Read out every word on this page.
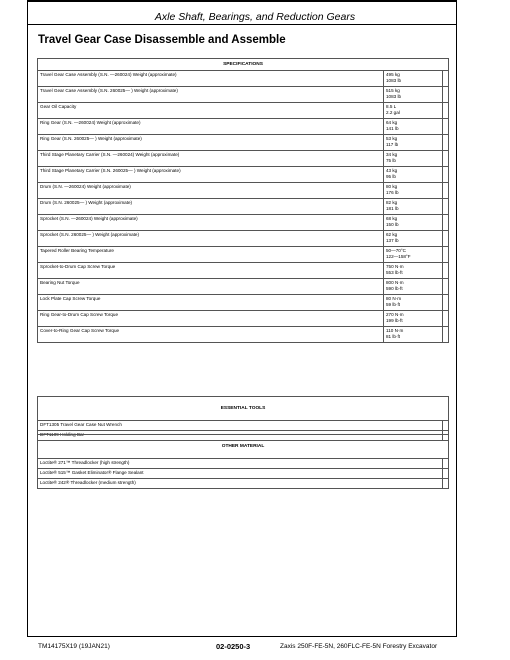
Axle Shaft, Bearings, and Reduction Gears
Travel Gear Case Disassemble and Assemble
SPECIFICATIONS		
Travel Gear Case Assembly (S.N. —260024) Weight (approximate)	495 kg
1083 lb	

Travel Gear Case Assembly (S.N. 260025— ) Weight (approximate)	515 kg
1083 lb	

Gear Oil Capacity	8.5 L
2.2 gal	

Ring Gear (S.N. —260024) Weight (approximate)	64 kg
141 lb	

Ring Gear (S.N. 260025— ) Weight (approximate)	53 kg
117 lb	

Third Stage Planetary Carrier (S.N. —260024) Weight (approximate)	34 kg
75 lb	

Third Stage Planetary Carrier (S.N. 260025— ) Weight (approximate)	43 kg
95 lb	

Drum (S.N. —260024) Weight (approximate)	80 kg
176 lb	

Drum (S.N. 260025— ) Weight (approximate)	82 kg
181 lb	

Sprocket (S.N. —260024) Weight (approximate)	68 kg
150 lb	

Sprocket (S.N. 260025— ) Weight (approximate)	62 kg
137 lb	

Tapered Roller Bearing Temperature	50—70°C
122—158°F	

Sprocket-to-Drum Cap Screw Torque	750 N·m
553 lb·ft	

Bearing Nut Torque	800 N·m
590 lb·ft	

Lock Plate Cap Screw Torque	80 N·m
59 lb·ft	

Ring Gear-to-Drum Cap Screw Torque	270 N·m
199 lb·ft	

Cover-to-Ring Gear Cap Screw Torque	110 N·m
81 lb·ft	

ESSENTIAL TOOLS	
DFT1305 Travel Gear Case Nut Wrench	
DFT1109 Holding Bar	
OTHER MATERIAL	
Loctite® 271™ Threadlocker (high strength)	
Loctite® 515™ Gasket Eliminator® Flange Sealant	
Loctite® 242® Threadlocker (medium strength)	
TM14175X19 (19JAN21)	02-0250-3	Zaxis 250F-FE-5N, 260FLC-FE-5N Forestry Excavator
